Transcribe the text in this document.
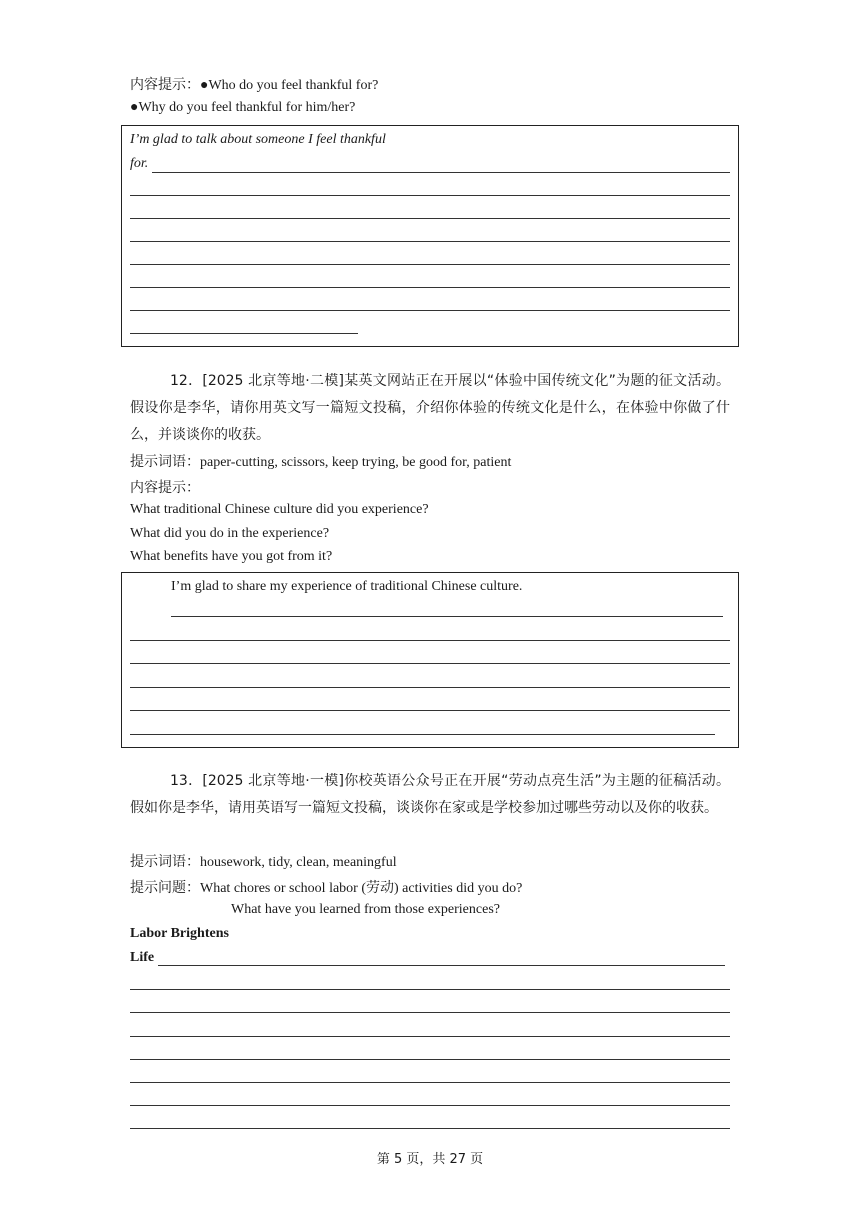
内容提示：●Who do you feel thankful for?
●Why do you feel thankful for him/her?
I’m glad to talk about someone I feel thankful
for.
12．[2025 北京等地·二模]某英文网站正在开展以“体验中国传统文化”为题的征文活动。假设你是李华，请你用英文写一篇短文投稿，介绍你体验的传统文化是什么，在体验中你做了什么，并谈谈你的收获。
提示词语：paper-cutting, scissors, keep trying, be good for, patient
内容提示：
What traditional Chinese culture did you experience?
What did you do in the experience?
What benefits have you got from it?
I’m glad to share my experience of traditional Chinese culture.
13．[2025 北京等地·一模]你校英语公众号正在开展“劳动点亮生活”为主题的征稿活动。假如你是李华，请用英语写一篇短文投稿，谈谈你在家或是学校参加过哪些劳动以及你的收获。
提示词语：housework, tidy, clean, meaningful
提示问题：What chores or school labor (劳动) activities did you do?
What have you learned from those experiences?
Labor Brightens
Life
第 5 页，共 27 页
